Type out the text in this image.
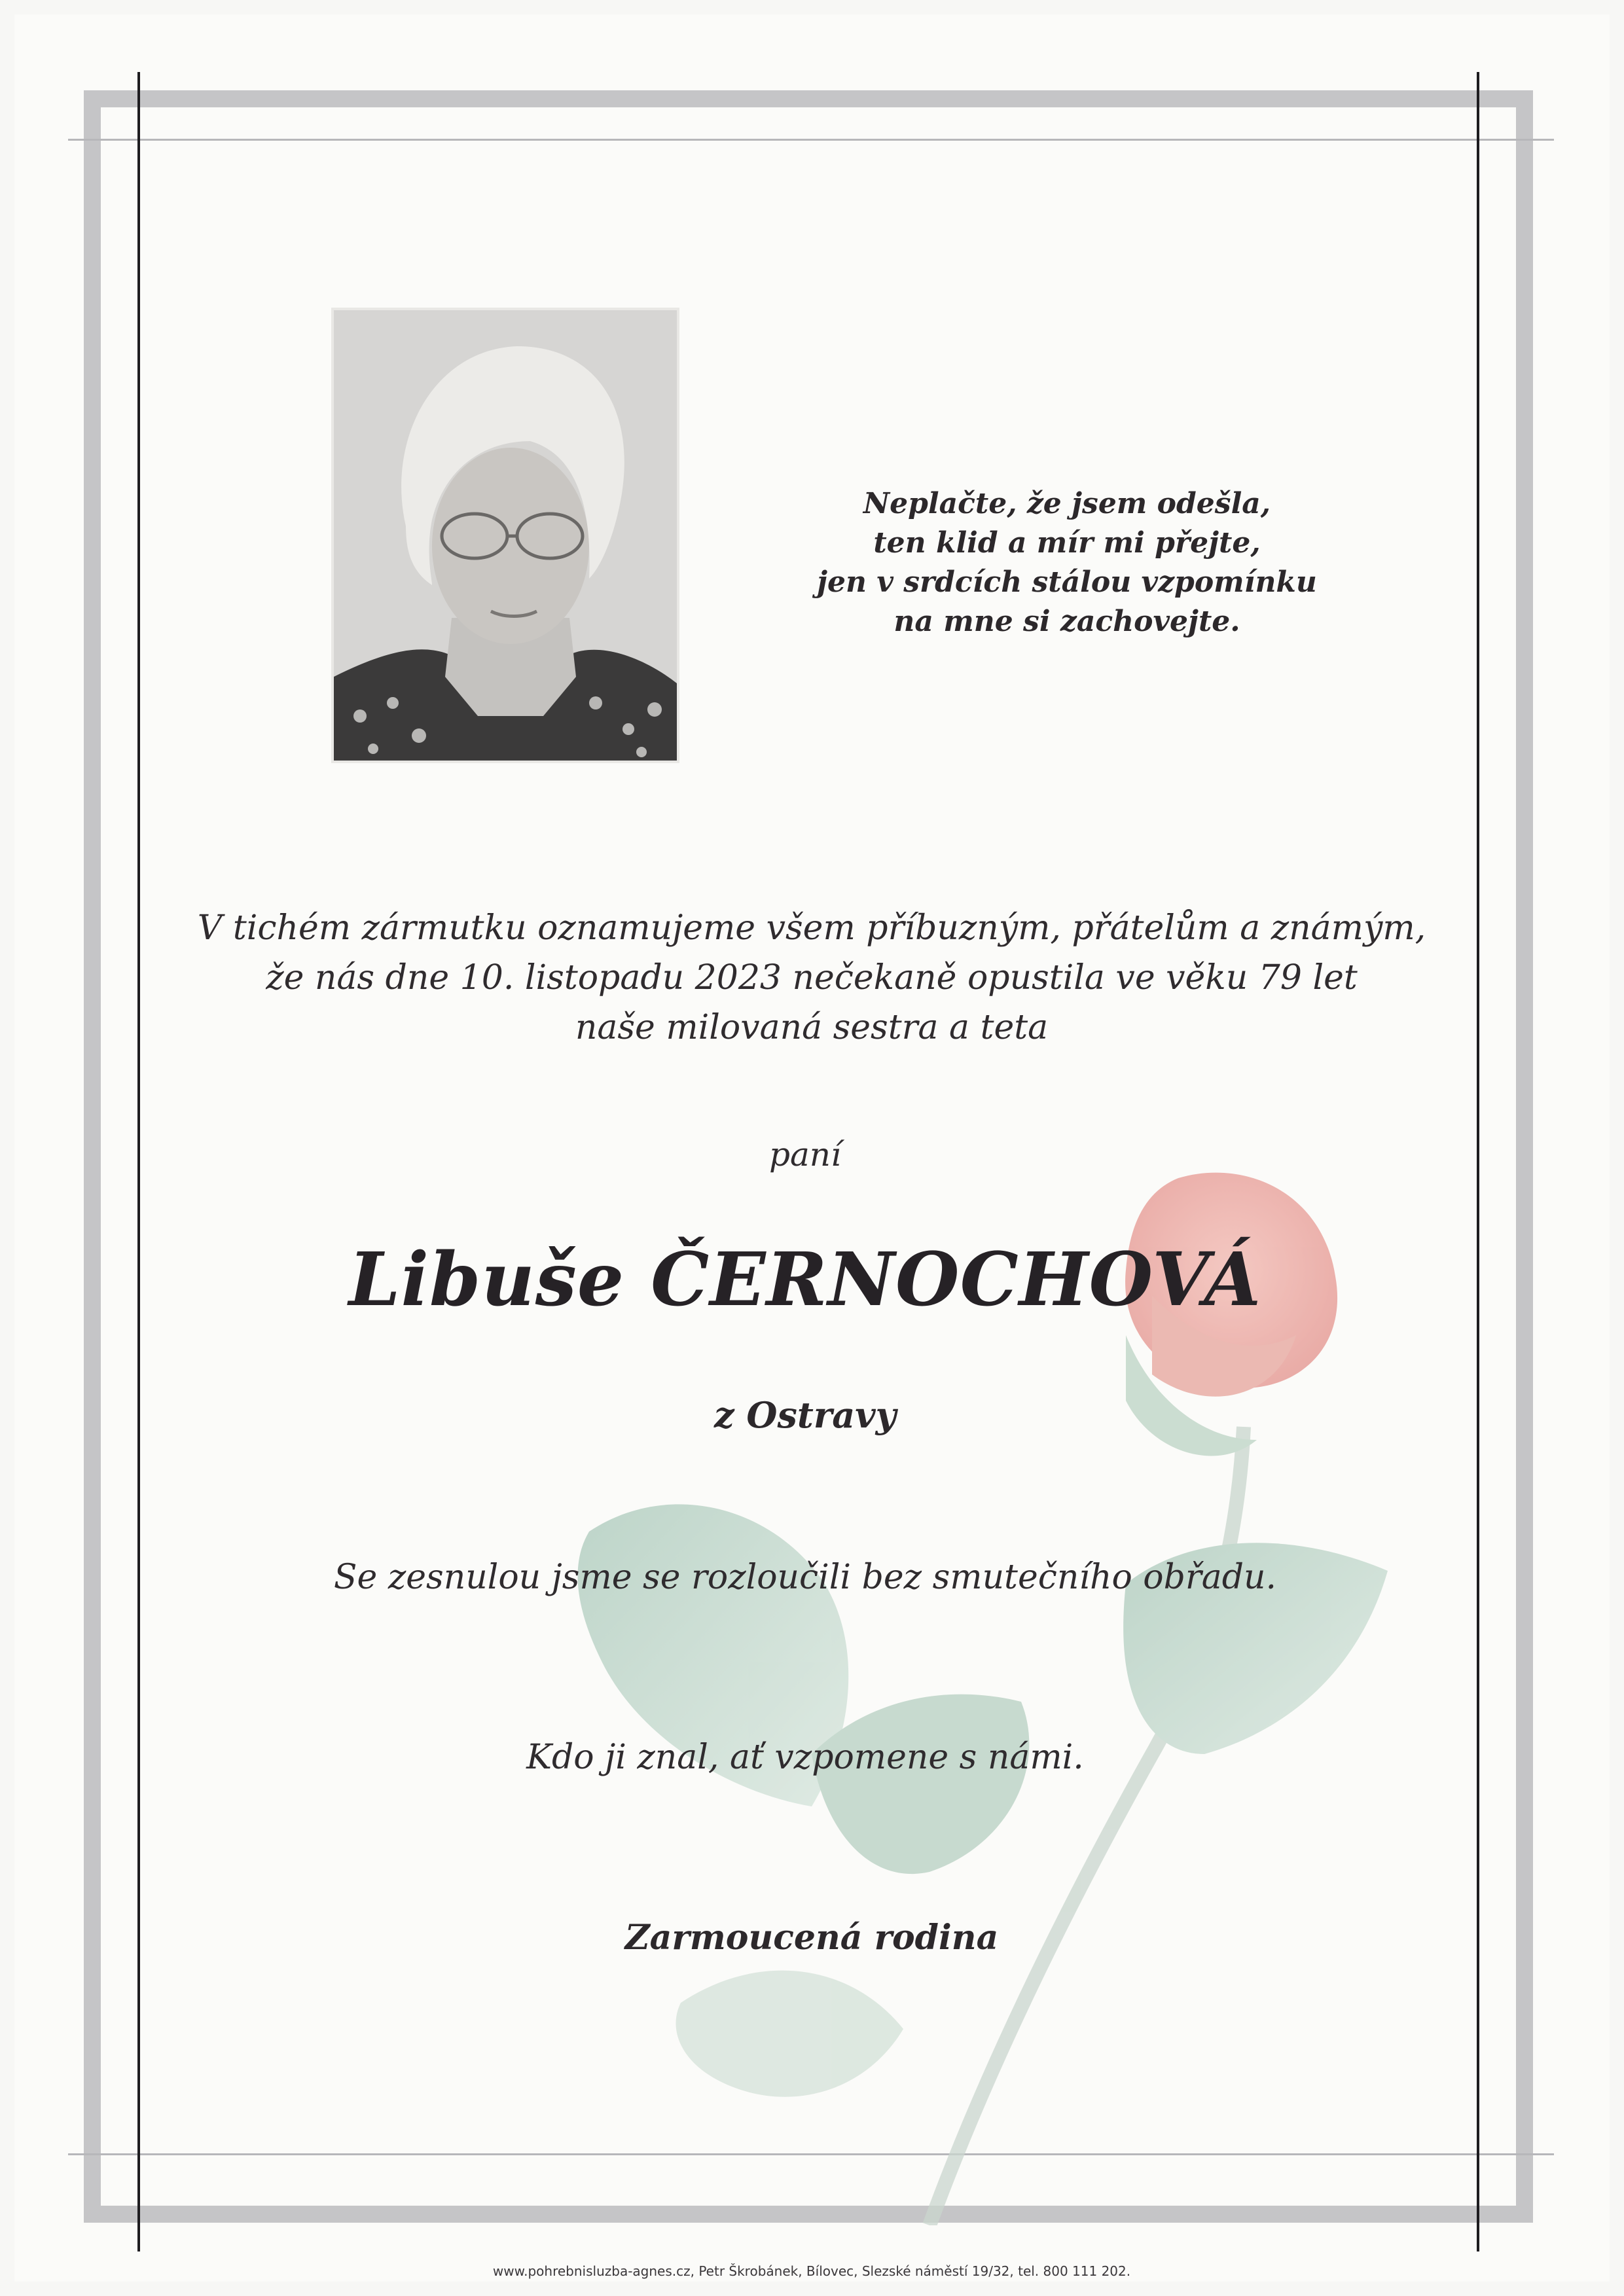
Neplačte, že jsem odešla,
ten klid a mír mi přejte,
jen v srdcích stálou vzpomínku
na mne si zachovejte.
V tichém zármutku oznamujeme všem příbuzným, přátelům a známým,
že nás dne 10. listopadu 2023 nečekaně opustila ve věku 79 let
naše milovaná sestra a teta
paní
Libuše ČERNOCHOVÁ
z Ostravy
Se zesnulou jsme se rozloučili bez smutečního obřadu.
Kdo ji znal, ať vzpomene s námi.
Zarmoucená rodina
www.pohrebnisluzba-agnes.cz, Petr Škrobánek, Bílovec, Slezské náměstí 19/32, tel. 800 111 202.
